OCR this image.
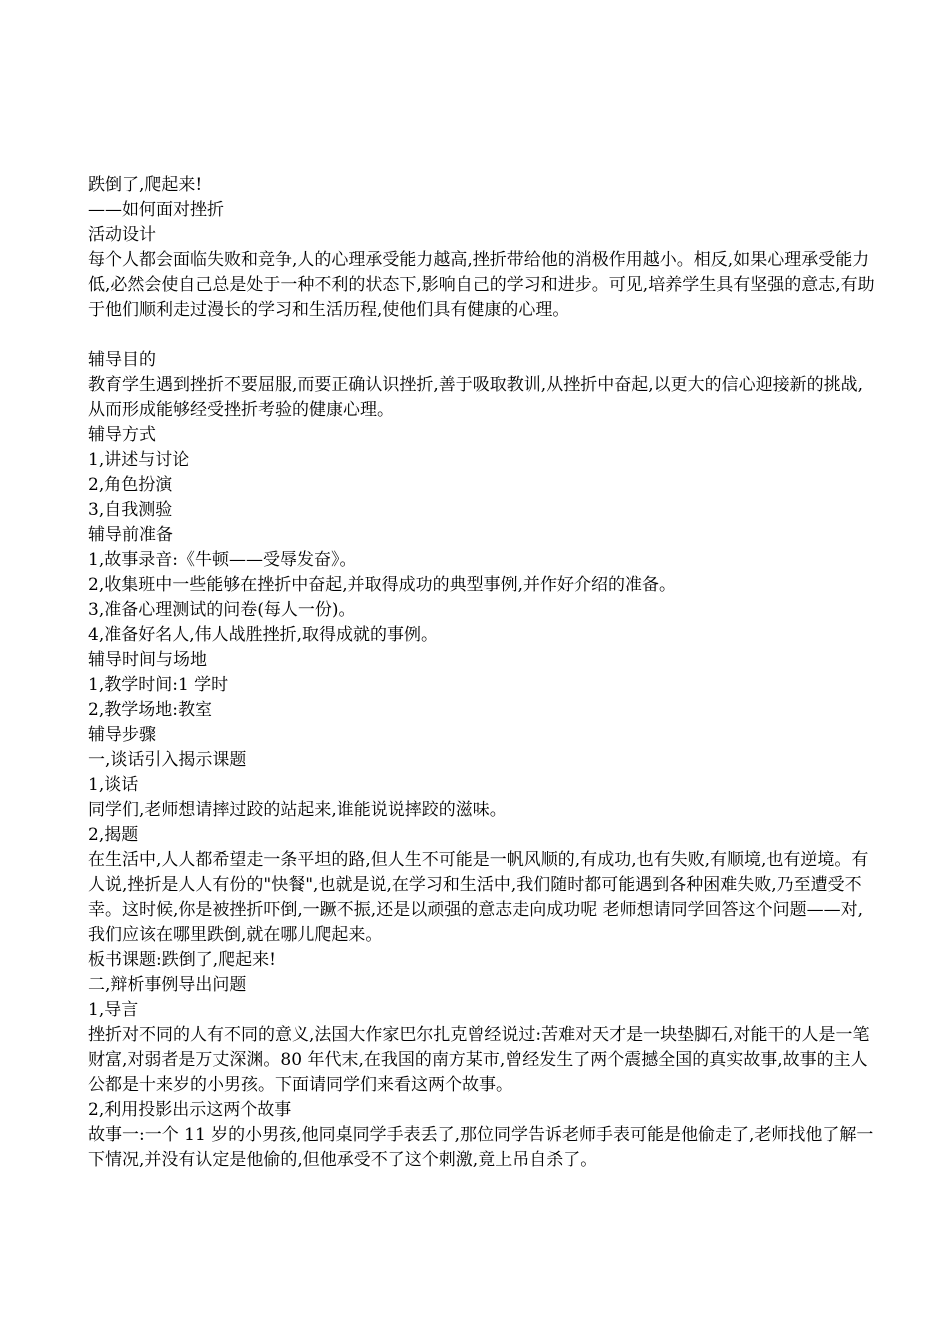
跌倒了,爬起来!

——如何面对挫折

活动设计

每个人都会面临失败和竞争,人的心理承受能力越高,挫折带给他的消极作用越小。相反,如果心理承受能力低,必然会使自己总是处于一种不利的状态下,影响自己的学习和进步。可见,培养学生具有坚强的意志,有助于他们顺利走过漫长的学习和生活历程,使他们具有健康的心理。

辅导目的

教育学生遇到挫折不要屈服,而要正确认识挫折,善于吸取教训,从挫折中奋起,以更大的信心迎接新的挑战,从而形成能够经受挫折考验的健康心理。

辅导方式

1,讲述与讨论

2,角色扮演

3,自我测验

辅导前准备

1,故事录音:《牛顿——受辱发奋》。

2,收集班中一些能够在挫折中奋起,并取得成功的典型事例,并作好介绍的准备。

3,准备心理测试的问卷(每人一份)。

4,准备好名人,伟人战胜挫折,取得成就的事例。

辅导时间与场地

1,教学时间:1 学时

2,教学场地:教室

辅导步骤

一,谈话引入揭示课题

1,谈话

同学们,老师想请摔过跤的站起来,谁能说说摔跤的滋味。

2,揭题

在生活中,人人都希望走一条平坦的路,但人生不可能是一帆风顺的,有成功,也有失败,有顺境,也有逆境。有人说,挫折是人人有份的"快餐",也就是说,在学习和生活中,我们随时都可能遇到各种困难失败,乃至遭受不幸。这时候,你是被挫折吓倒,一蹶不振,还是以顽强的意志走向成功呢 老师想请同学回答这个问题——对,我们应该在哪里跌倒,就在哪儿爬起来。

板书课题:跌倒了,爬起来!

二,辩析事例导出问题

1,导言

挫折对不同的人有不同的意义,法国大作家巴尔扎克曾经说过:苦难对天才是一块垫脚石,对能干的人是一笔财富,对弱者是万丈深渊。80 年代末,在我国的南方某市,曾经发生了两个震撼全国的真实故事,故事的主人公都是十来岁的小男孩。下面请同学们来看这两个故事。

2,利用投影出示这两个故事

故事一:一个 11 岁的小男孩,他同桌同学手表丢了,那位同学告诉老师手表可能是他偷走了,老师找他了解一下情况,并没有认定是他偷的,但他承受不了这个刺激,竟上吊自杀了。
